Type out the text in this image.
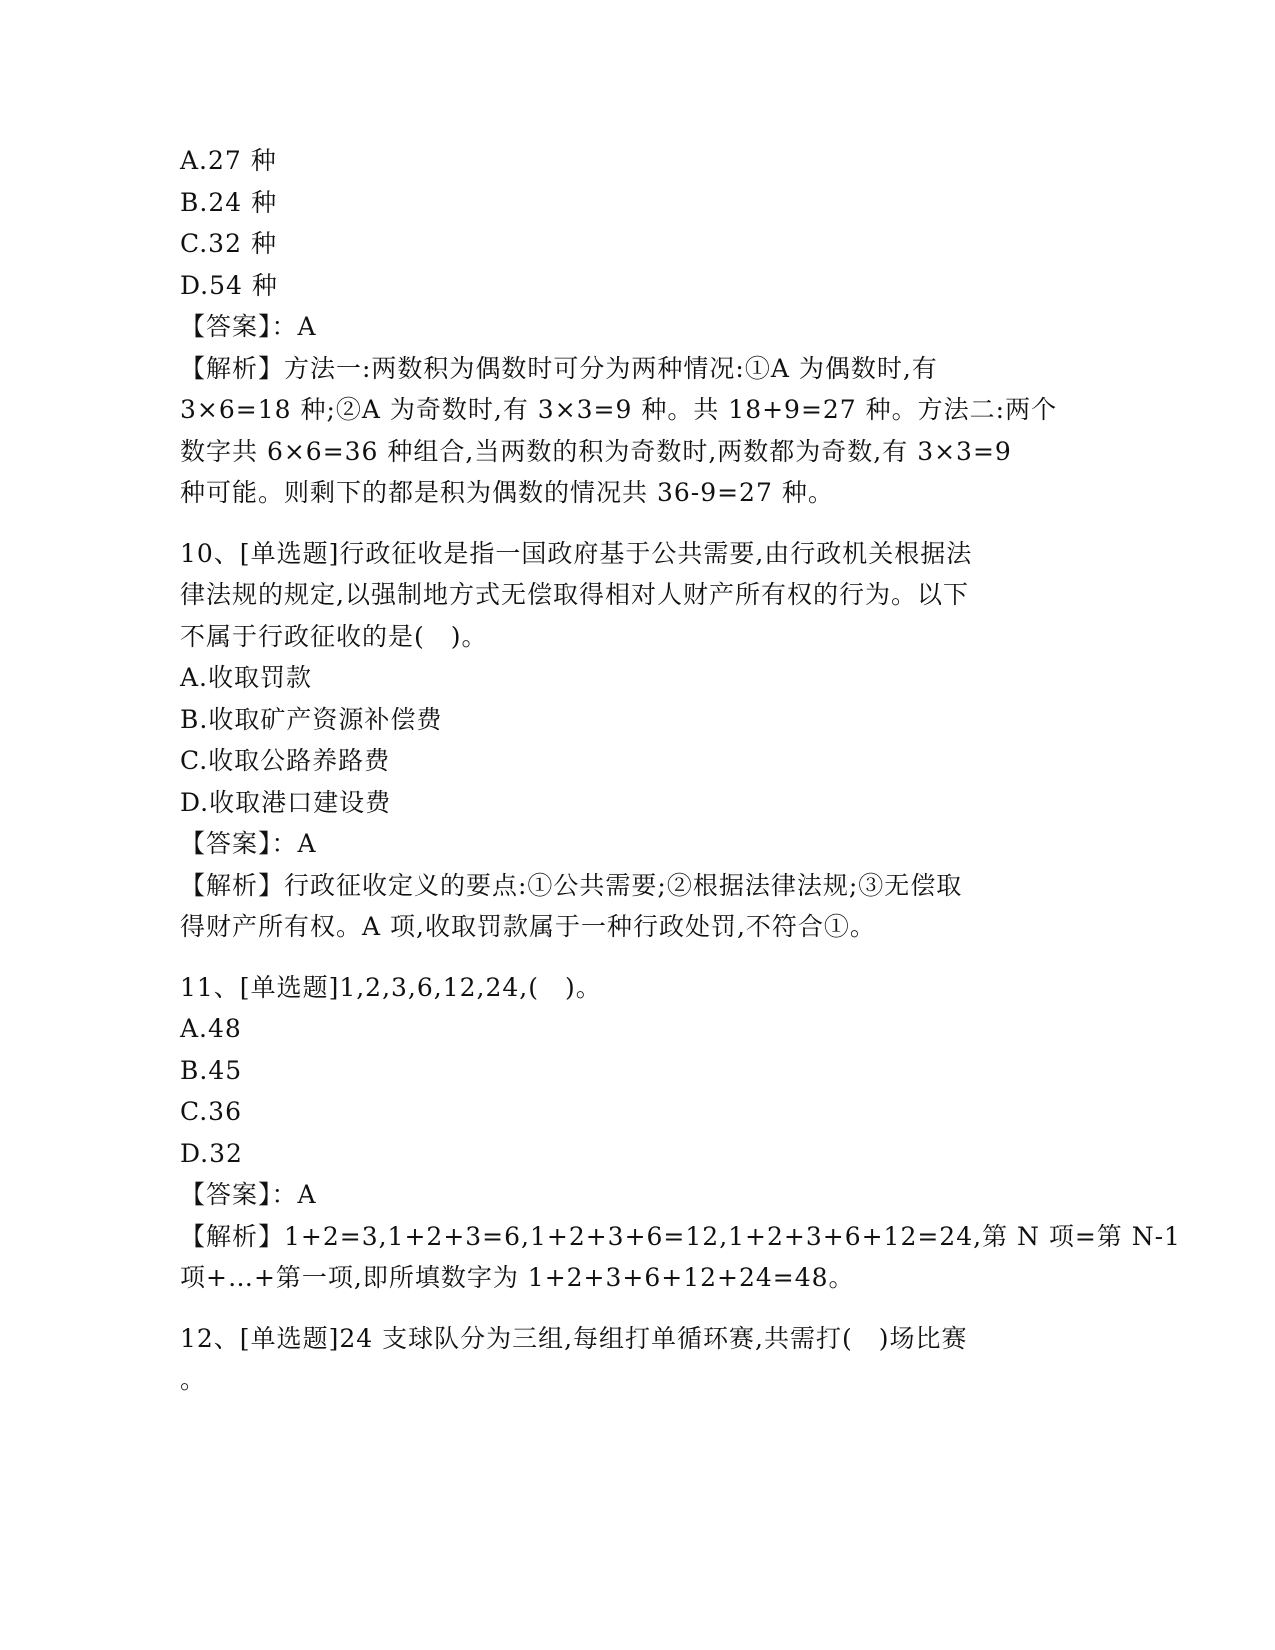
A.27 种
B.24 种
C.32 种
D.54 种
【答案】：A
【解析】方法一:两数积为偶数时可分为两种情况:①A 为偶数时,有
3×6=18 种;②A 为奇数时,有 3×3=9 种。共 18+9=27 种。方法二:两个
数字共 6×6=36 种组合,当两数的积为奇数时,两数都为奇数,有 3×3=9
种可能。则剩下的都是积为偶数的情况共 36-9=27 种。
10、[单选题]行政征收是指一国政府基于公共需要,由行政机关根据法
律法规的规定,以强制地方式无偿取得相对人财产所有权的行为。以下
不属于行政征收的是(　)。
A.收取罚款
B.收取矿产资源补偿费
C.收取公路养路费
D.收取港口建设费
【答案】：A
【解析】行政征收定义的要点:①公共需要;②根据法律法规;③无偿取
得财产所有权。A 项,收取罚款属于一种行政处罚,不符合①。
11、[单选题]1,2,3,6,12,24,(　)。
A.48
B.45
C.36
D.32
【答案】：A
【解析】1+2=3,1+2+3=6,1+2+3+6=12,1+2+3+6+12=24,第 N 项=第 N-1
项+…+第一项,即所填数字为 1+2+3+6+12+24=48。
12、[单选题]24 支球队分为三组,每组打单循环赛,共需打(　)场比赛
。
